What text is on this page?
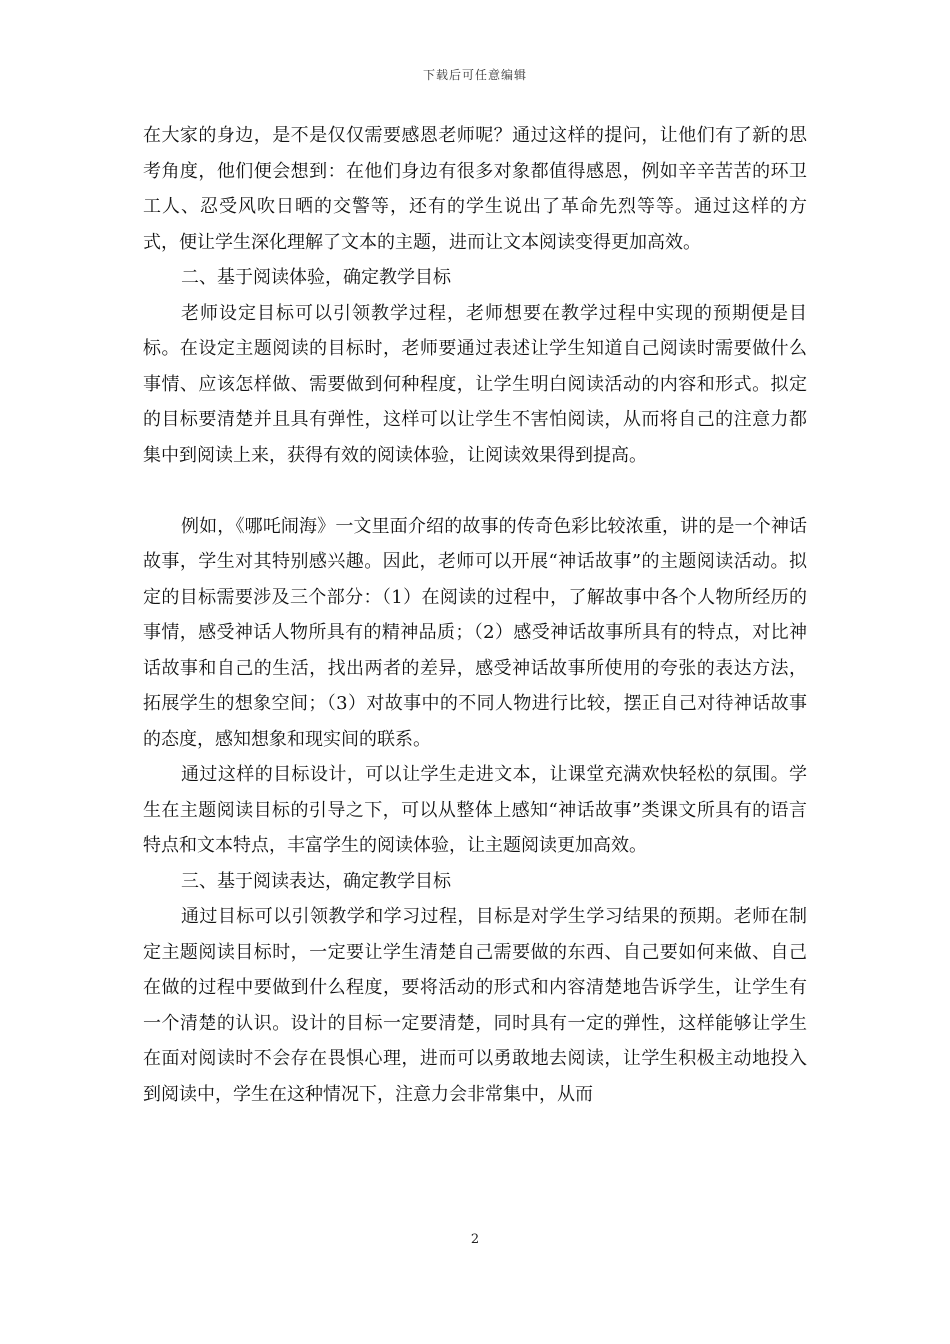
下载后可任意编辑

在大家的身边，是不是仅仅需要感恩老师呢？通过这样的提问，让他们有了新的思考角度，他们便会想到：在他们身边有很多对象都值得感恩，例如辛辛苦苦的环卫工人、忍受风吹日晒的交警等，还有的学生说出了革命先烈等等。通过这样的方式，便让学生深化理解了文本的主题，进而让文本阅读变得更加高效。

二、基于阅读体验，确定教学目标

老师设定目标可以引领教学过程，老师想要在教学过程中实现的预期便是目标。在设定主题阅读的目标时，老师要通过表述让学生知道自己阅读时需要做什么事情、应该怎样做、需要做到何种程度，让学生明白阅读活动的内容和形式。拟定的目标要清楚并且具有弹性，这样可以让学生不害怕阅读，从而将自己的注意力都集中到阅读上来，获得有效的阅读体验，让阅读效果得到提高。

例如，《哪吒闹海》一文里面介绍的故事的传奇色彩比较浓重，讲的是一个神话故事，学生对其特别感兴趣。因此，老师可以开展“神话故事”的主题阅读活动。拟定的目标需要涉及三个部分：（1）在阅读的过程中，了解故事中各个人物所经历的事情，感受神话人物所具有的精神品质；（2）感受神话故事所具有的特点，对比神话故事和自己的生活，找出两者的差异，感受神话故事所使用的夸张的表达方法，拓展学生的想象空间；（3）对故事中的不同人物进行比较，摆正自己对待神话故事的态度，感知想象和现实间的联系。

通过这样的目标设计，可以让学生走进文本，让课堂充满欢快轻松的氛围。学生在主题阅读目标的引导之下，可以从整体上感知“神话故事”类课文所具有的语言特点和文本特点，丰富学生的阅读体验，让主题阅读更加高效。

三、基于阅读表达，确定教学目标

通过目标可以引领教学和学习过程，目标是对学生学习结果的预期。老师在制定主题阅读目标时，一定要让学生清楚自己需要做的东西、自己要如何来做、自己在做的过程中要做到什么程度，要将活动的形式和内容清楚地告诉学生，让学生有一个清楚的认识。设计的目标一定要清楚，同时具有一定的弹性，这样能够让学生在面对阅读时不会存在畏惧心理，进而可以勇敢地去阅读，让学生积极主动地投入到阅读中，学生在这种情况下，注意力会非常集中，从而

2
